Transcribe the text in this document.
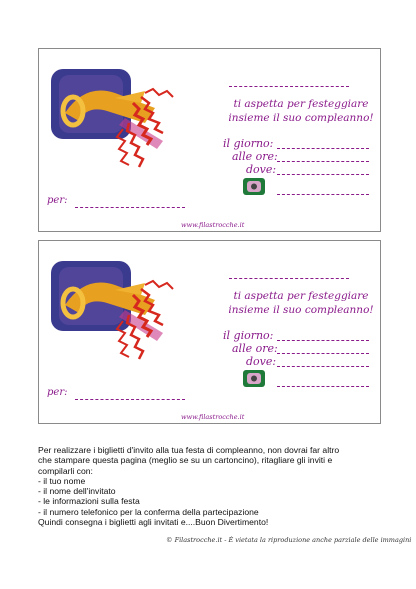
ti aspetta per festeggiare
insieme il suo compleanno!
il giorno:
alle ore:
dove:
per:
www.filastrocche.it
ti aspetta per festeggiare
insieme il suo compleanno!
il giorno:
alle ore:
dove:
per:
www.filastrocche.it

Per realizzare i biglietti d'invito alla tua festa di compleanno, non dovrai far altro

che stampare questa pagina (meglio se su un cartoncino), ritagliare gli inviti e

compilarli con:

- il tuo nome

- il nome dell'invitato

- le informazioni sulla festa

- il numero telefonico per la conferma della partecipazione

Quindi consegna i biglietti agli invitati e....Buon Divertimento!

© Filastrocche.it - È vietata la riproduzione anche parziale delle immagini
